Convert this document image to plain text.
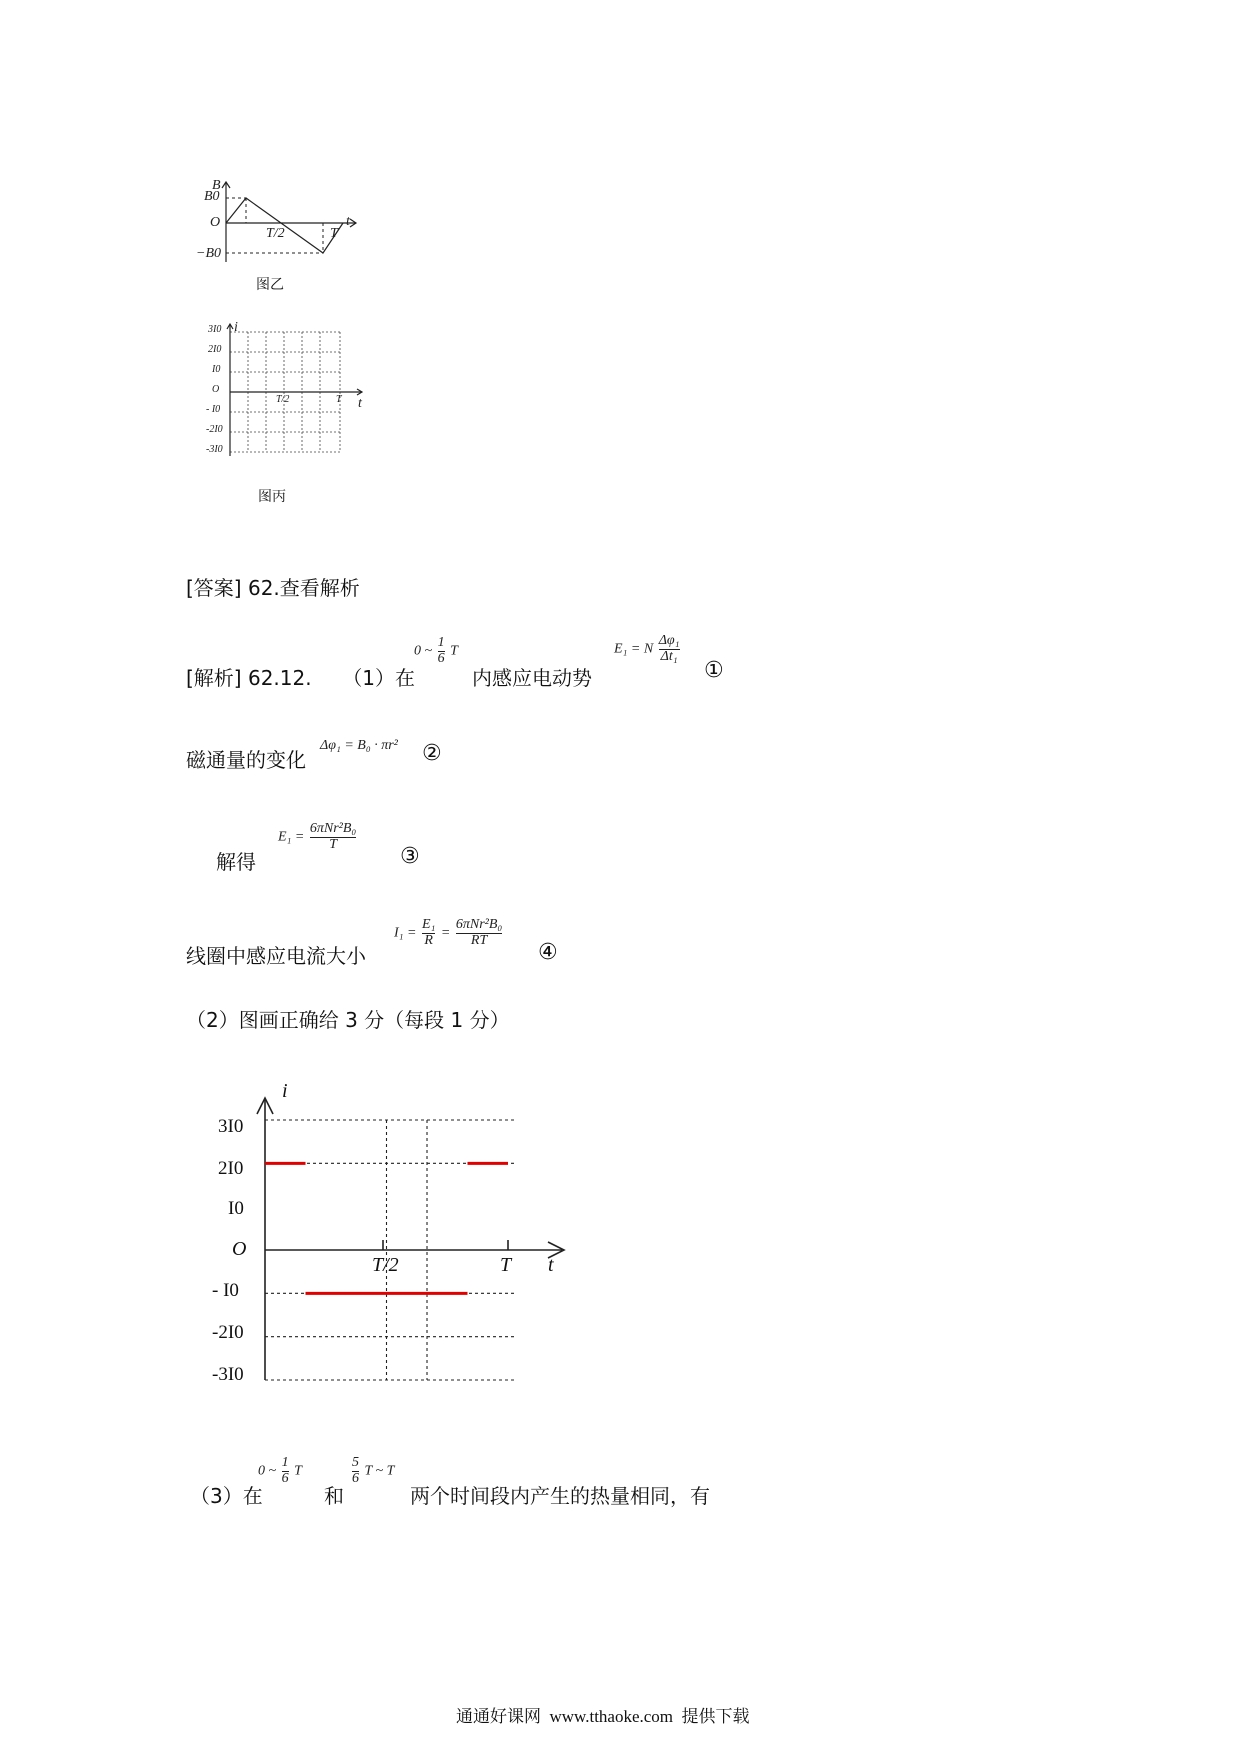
B
t
B0
O
−B0
T/2	T
图乙
i
t
3I0
2I0
I0
O
- I0
-2I0
-3I0
T/2	T
图丙
[答案] 62.查看解析
[解析] 62.12. （1）在
0 ~ $\frac{1}{6}$ T
内感应电动势
E₁ = N $\frac{\text{Δφ₁}}{\text{Δt₁}}$
①
磁通量的变化
Δφ₁ = B₀ · πr² ②
解得
$E_1 = \frac{\text{6πNr²B₀}}{T}$
③
线圈中感应电流大小
$I_1 = \frac{\text{E₁}}{R} = \frac{\text{6πNr²B₀}}{RT}$
④
（2）图画正确给 3 分（每段 1 分）
i
t
O
3I0
2I0
I0
- I0
-2I0
-3I0
T/2	T
（3）在
0 ~ $\frac{1}{6}$ T
和
$\frac{5}{6}$ T ~ T
两个时间段内产生的热量相同，有
通通好课网  www.tthaoke.com  提供下载
